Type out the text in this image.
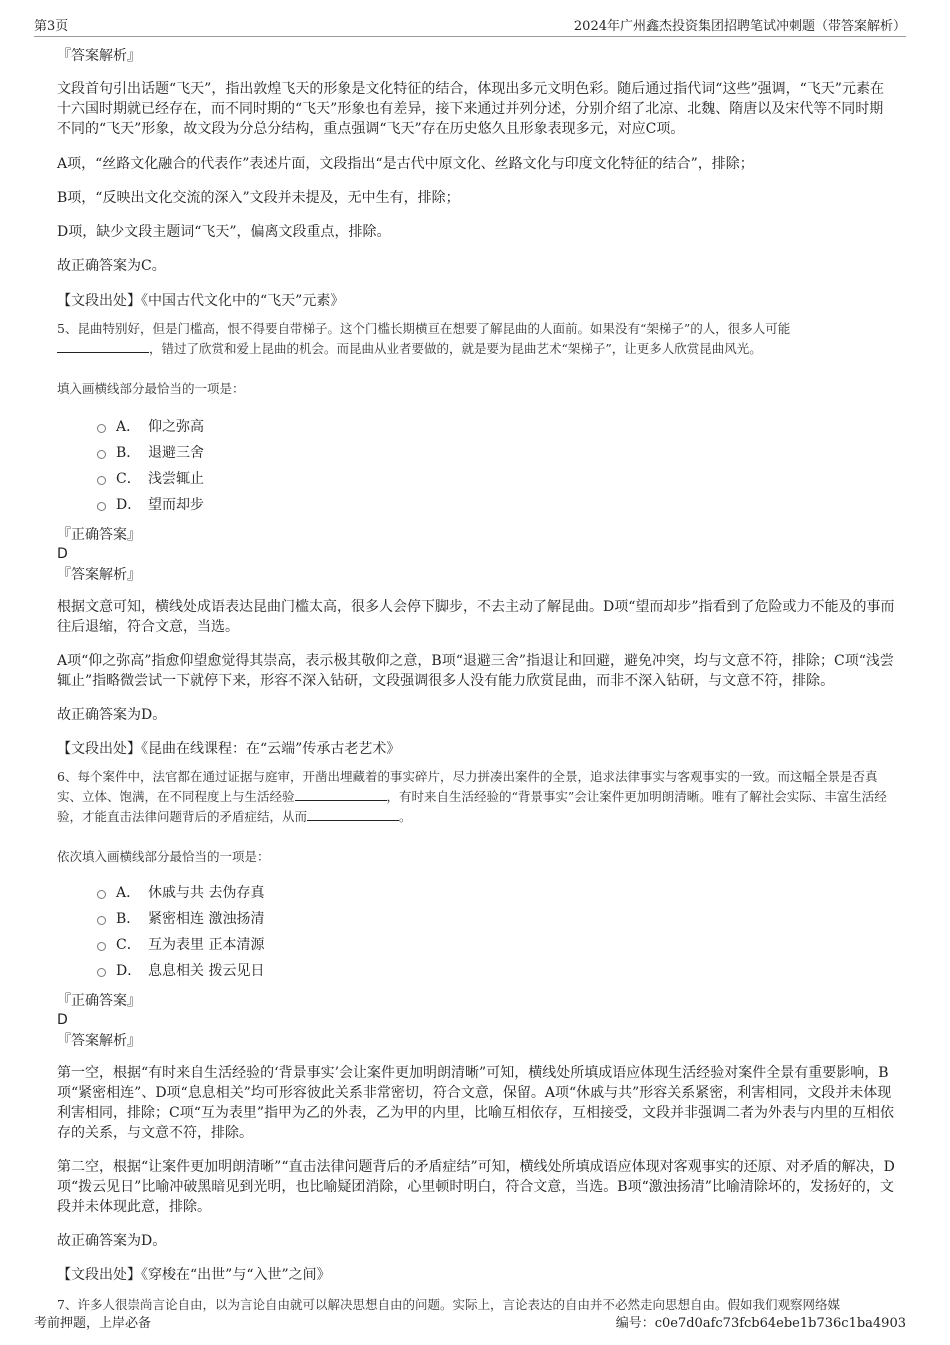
第3页	2024年广州鑫杰投资集团招聘笔试冲刺题（带答案解析）

『答案解析』

文段首句引出话题“飞天”，指出敦煌飞天的形象是文化特征的结合，体现出多元文明色彩。随后通过指代词“这些”强调，“飞天”元素在十六国时期就已经存在，而不同时期的“飞天”形象也有差异，接下来通过并列分述，分别介绍了北凉、北魏、隋唐以及宋代等不同时期不同的“飞天”形象，故文段为分总分结构，重点强调“飞天”存在历史悠久且形象表现多元，对应C项。

A项，“丝路文化融合的代表作”表述片面，文段指出“是古代中原文化、丝路文化与印度文化特征的结合”，排除；

B项，“反映出文化交流的深入”文段并未提及，无中生有，排除；

D项，缺少文段主题词“飞天”，偏离文段重点，排除。

故正确答案为C。

【文段出处】《中国古代文化中的“飞天”元素》

5、昆曲特别好，但是门槛高，恨不得要自带梯子。这个门槛长期横亘在想要了解昆曲的人面前。如果没有“架梯子”的人，很多人可能
，错过了欣赏和爱上昆曲的机会。而昆曲从业者要做的，就是要为昆曲艺术“架梯子”，让更多人欣赏昆曲风光。

填入画横线部分最恰当的一项是：

A． 仰之弥高
B． 退避三舍
C． 浅尝辄止
D． 望而却步

『正确答案』

D

『答案解析』

根据文意可知，横线处成语表达昆曲门槛太高，很多人会停下脚步，不去主动了解昆曲。D项“望而却步”指看到了危险或力不能及的事而往后退缩，符合文意，当选。

A项“仰之弥高”指愈仰望愈觉得其崇高，表示极其敬仰之意，B项“退避三舍”指退让和回避，避免冲突，均与文意不符，排除；C项“浅尝辄止”指略微尝试一下就停下来，形容不深入钻研，文段强调很多人没有能力欣赏昆曲，而非不深入钻研，与文意不符，排除。

故正确答案为D。

【文段出处】《昆曲在线课程：在“云端”传承古老艺术》

6、每个案件中，法官都在通过证据与庭审，开凿出埋藏着的事实碎片，尽力拼凑出案件的全景，追求法律事实与客观事实的一致。而这幅全景是否真实、立体、饱满，在不同程度上与生活经验	，有时来自生活经验的“背景事实”会让案件更加明朗清晰。唯有了解社会实际、丰富生活经验，才能直击法律问题背后的矛盾症结，从而	。

依次填入画横线部分最恰当的一项是：

A． 休戚与共 去伪存真
B． 紧密相连 激浊扬清
C． 互为表里 正本清源
D． 息息相关 拨云见日

『正确答案』

D

『答案解析』

第一空，根据“有时来自生活经验的‘背景事实’会让案件更加明朗清晰”可知，横线处所填成语应体现生活经验对案件全景有重要影响，B项“紧密相连”、D项“息息相关”均可形容彼此关系非常密切，符合文意，保留。A项“休戚与共”形容关系紧密，利害相同，文段并未体现利害相同，排除；C项“互为表里”指甲为乙的外表，乙为甲的内里，比喻互相依存，互相接受，文段并非强调二者为外表与内里的互相依存的关系，与文意不符，排除。

第二空，根据“让案件更加明朗清晰”“直击法律问题背后的矛盾症结”可知，横线处所填成语应体现对客观事实的还原、对矛盾的解决，D项“拨云见日”比喻冲破黑暗见到光明，也比喻疑团消除，心里顿时明白，符合文意，当选。B项“激浊扬清”比喻清除坏的，发扬好的，文段并未体现此意，排除。

故正确答案为D。

【文段出处】《穿梭在“出世”与“入世”之间》

7、许多人很崇尚言论自由，以为言论自由就可以解决思想自由的问题。实际上，言论表达的自由并不必然走向思想自由。假如我们观察网络媒

考前押题，上岸必备	编号：c0e7d0afc73fcb64ebe1b736c1ba4903
